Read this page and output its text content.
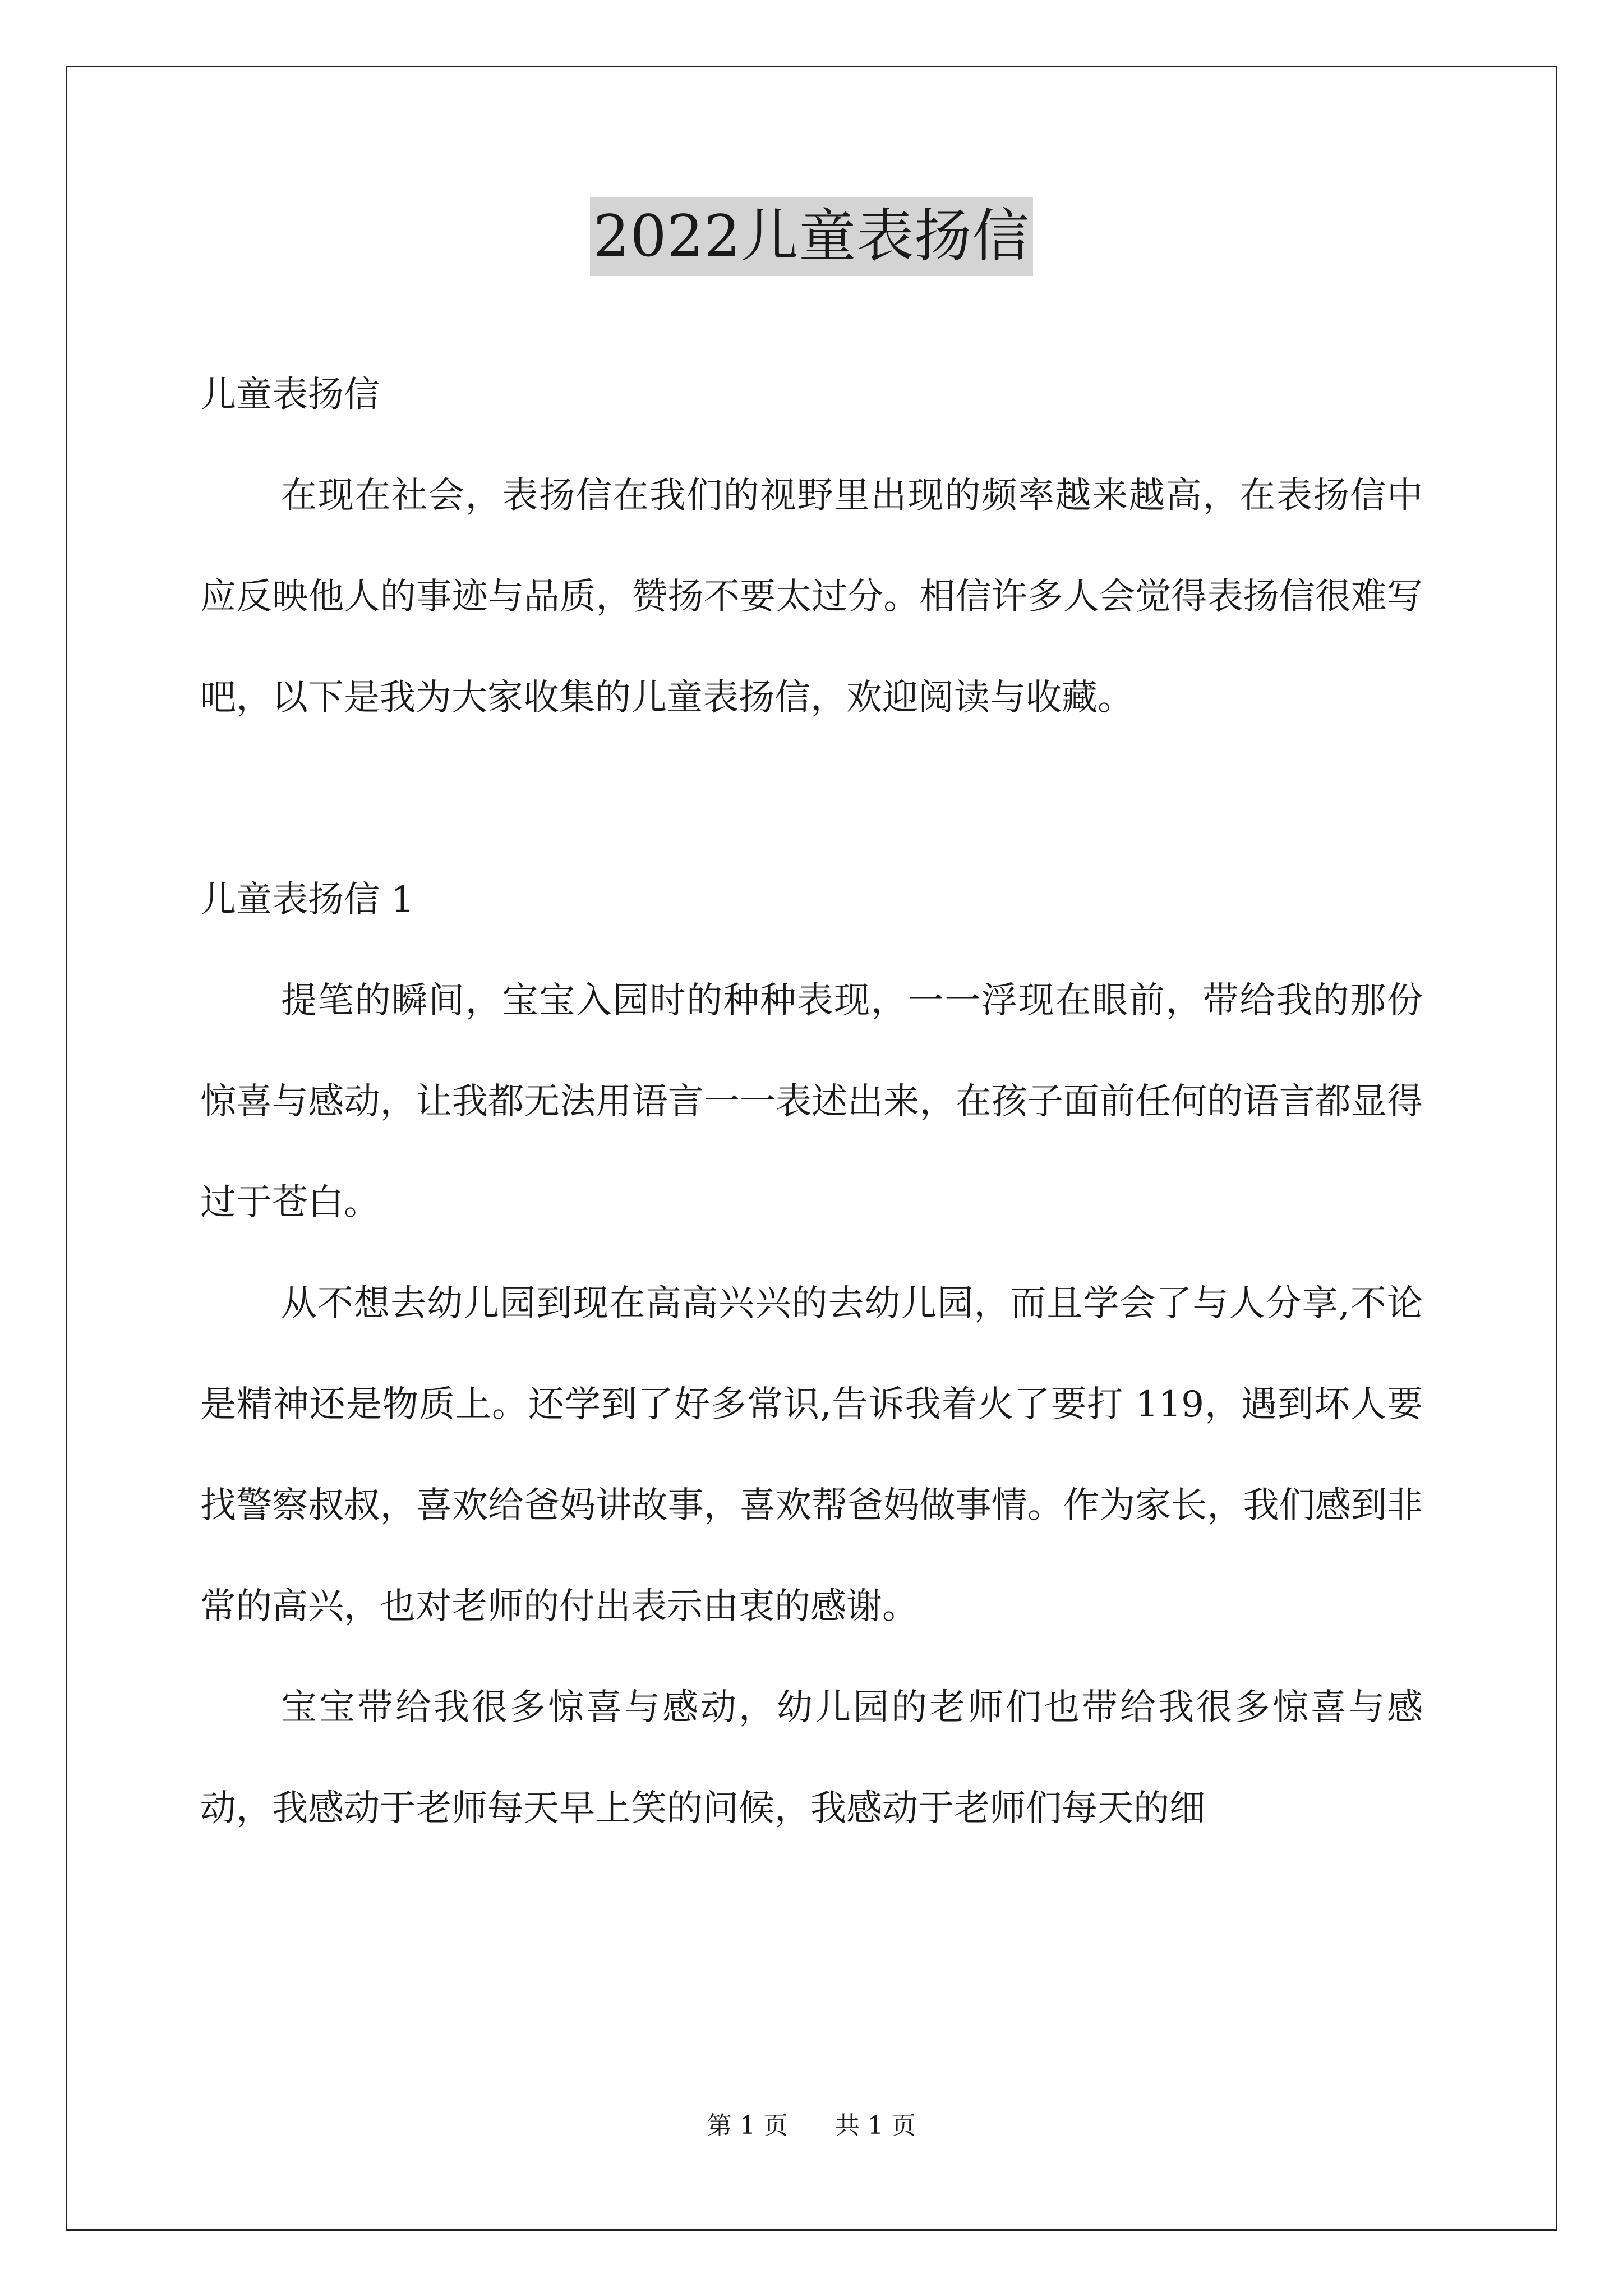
2022儿童表扬信

儿童表扬信

在现在社会，表扬信在我们的视野里出现的频率越来越高，在表扬信中应反映他人的事迹与品质，赞扬不要太过分。相信许多人会觉得表扬信很难写吧，以下是我为大家收集的儿童表扬信，欢迎阅读与收藏。

儿童表扬信 1

提笔的瞬间，宝宝入园时的种种表现，一一浮现在眼前，带给我的那份惊喜与感动，让我都无法用语言一一表述出来，在孩子面前任何的语言都显得过于苍白。

从不想去幼儿园到现在高高兴兴的去幼儿园，而且学会了与人分享,不论是精神还是物质上。还学到了好多常识,告诉我着火了要打 119，遇到坏人要找警察叔叔，喜欢给爸妈讲故事，喜欢帮爸妈做事情。作为家长，我们感到非常的高兴，也对老师的付出表示由衷的感谢。

宝宝带给我很多惊喜与感动，幼儿园的老师们也带给我很多惊喜与感动，我感动于老师每天早上笑的问候，我感动于老师们每天的细

第 1 页 共 1 页
